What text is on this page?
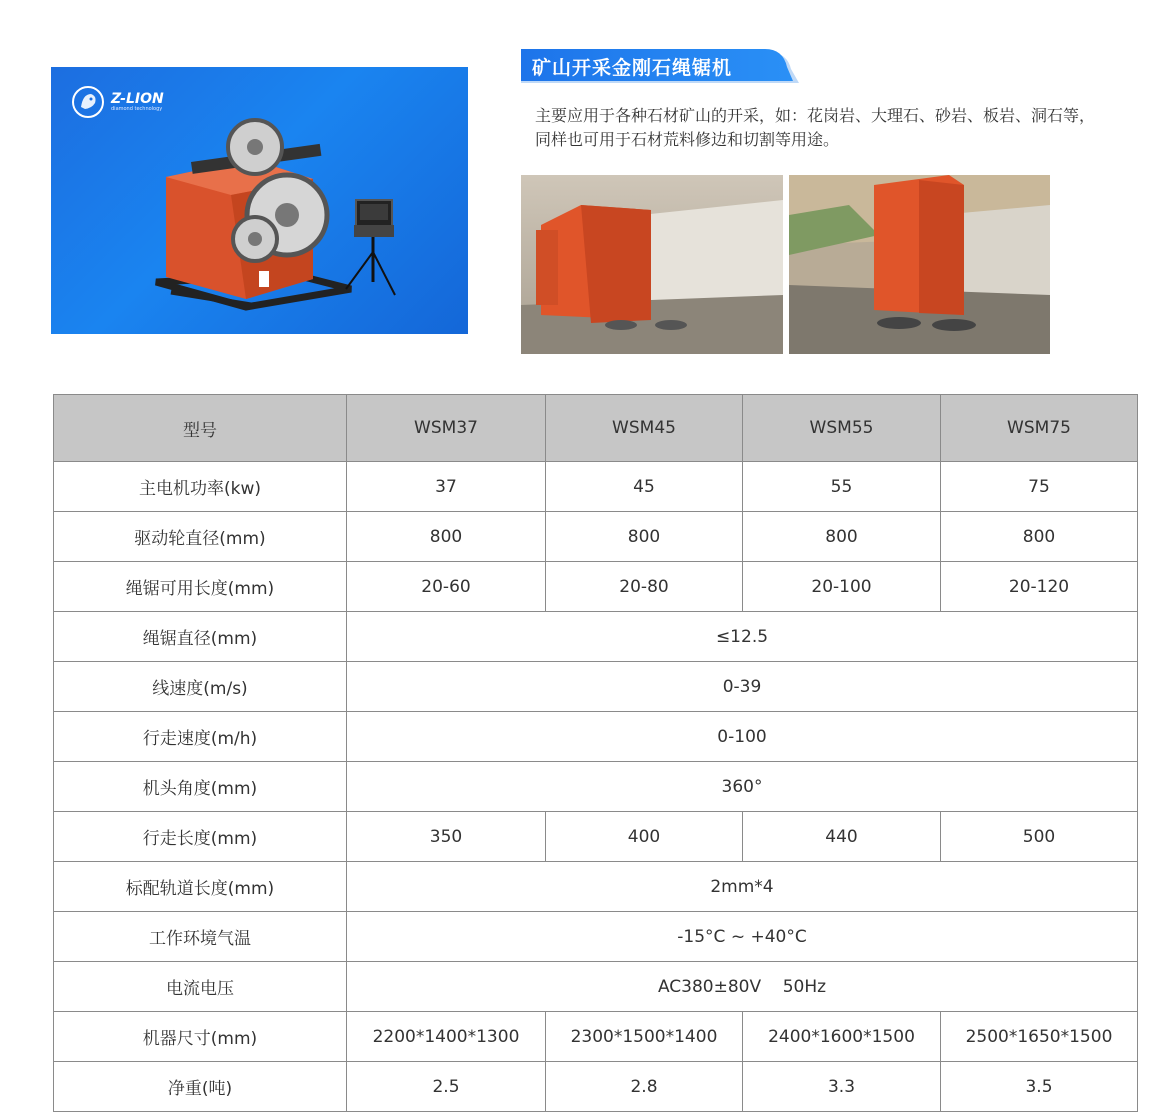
Z-LION
diamond technology
矿山开采金刚石绳锯机
主要应用于各种石材矿山的开采，如：花岗岩、大理石、砂岩、板岩、洞石等，
同样也可用于石材荒料修边和切割等用途。
型号	WSM37	WSM45	WSM55	WSM75
主电机功率(kw)	37	45	55	75
驱动轮直径(mm)	800	800	800	800
绳锯可用长度(mm)	20-60	20-80	20-100	20-120
绳锯直径(mm)	≤12.5			
线速度(m/s)	0-39			
行走速度(m/h)	0-100			
机头角度(mm)	360°			
行走长度(mm)	350	400	440	500
标配轨道长度(mm)	2mm*4			
工作环境气温	-15°C ~ +40°C			
电流电压	AC380±80V    50Hz			
机器尺寸(mm)	2200*1400*1300	2300*1500*1400	2400*1600*1500	2500*1650*1500
净重(吨)	2.5	2.8	3.3	3.5
